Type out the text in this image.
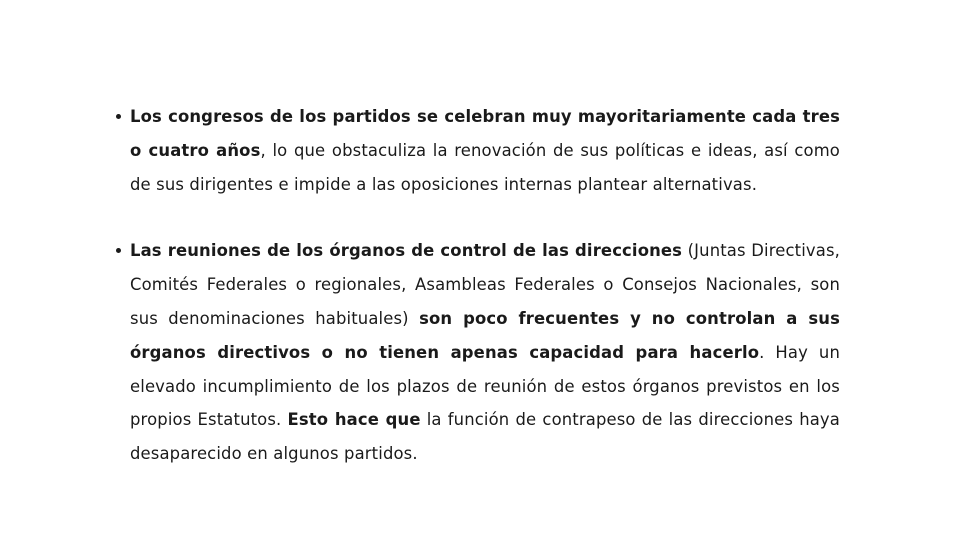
Los congresos de los partidos se celebran muy mayoritariamente cada tres o cuatro años, lo que obstaculiza la renovación de sus políticas e ideas, así como de sus dirigentes e impide a las oposiciones internas plantear alternativas.
Las reuniones de los órganos de control de las direcciones (Juntas Directivas, Comités Federales o regionales, Asambleas Federales o Consejos Nacionales, son sus denominaciones habituales) son poco frecuentes y no controlan a sus órganos directivos o no tienen apenas capacidad para hacerlo. Hay un elevado incumplimiento de los plazos de reunión de estos órganos previstos en los propios Estatutos. Esto hace que la función de contrapeso de las direcciones haya desaparecido en algunos partidos.
